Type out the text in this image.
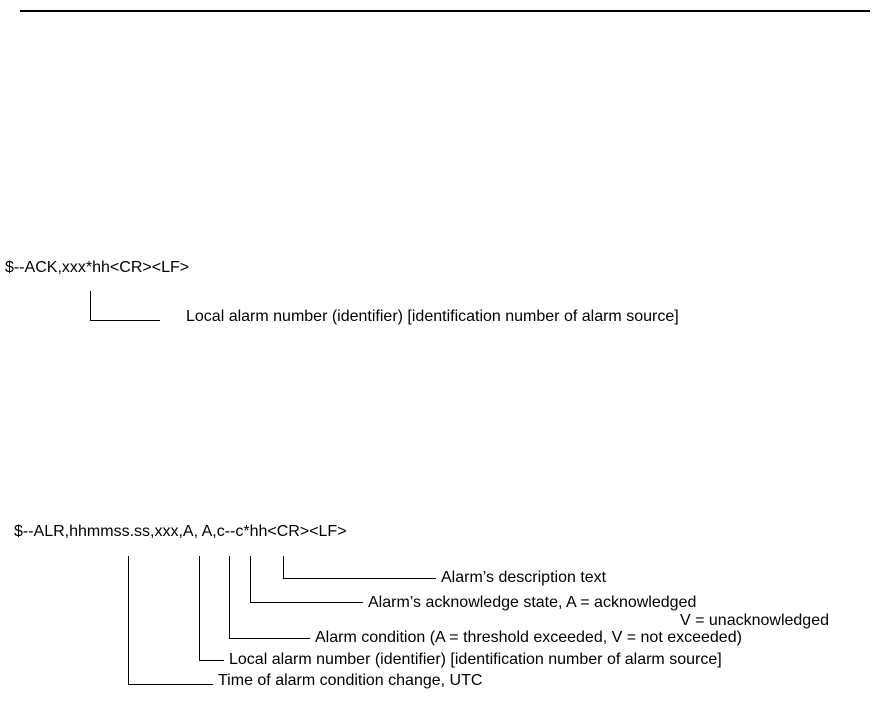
$--ACK,xxx*hh<CR><LF>
Local alarm number (identifier) [identification number of alarm source]
$--ALR,hhmmss.ss,xxx,A, A,c--c*hh<CR><LF>
Alarm’s description text
Alarm’s acknowledge state, A = acknowledged
V = unacknowledged
Alarm condition (A = threshold exceeded, V = not exceeded)
Local alarm number (identifier) [identification number of alarm source]
Time of alarm condition change, UTC
